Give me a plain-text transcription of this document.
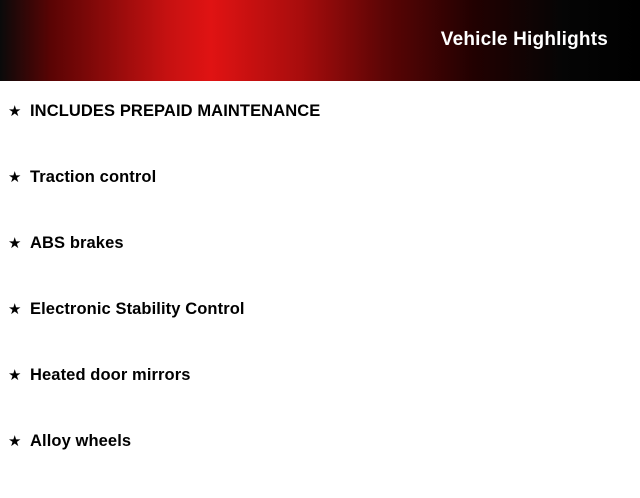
Vehicle Highlights
★ INCLUDES PREPAID MAINTENANCE
★ Traction control
★ ABS brakes
★ Electronic Stability Control
★ Heated door mirrors
★ Alloy wheels
